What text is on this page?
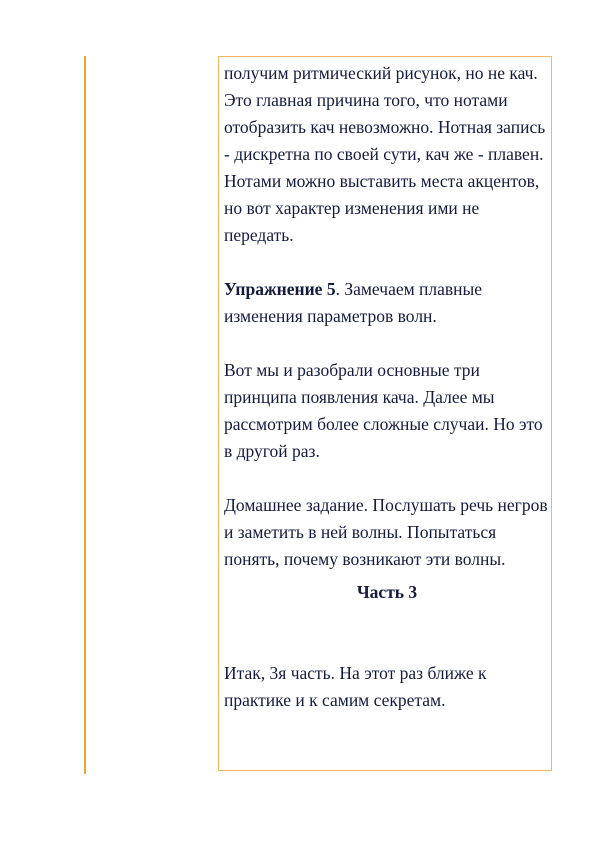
получим ритмический рисунок, но не кач. Это главная причина того, что нотами отобразить кач невозможно. Нотная запись - дискретна по своей сути, кач же - плавен. Нотами можно выставить места акцентов, но вот характер изменения ими не передать.

Упражнение 5. Замечаем плавные изменения параметров волн.

Вот мы и разобрали основные три принципа появления кача. Далее мы рассмотрим более сложные случаи. Но это в другой раз.

Домашнее задание. Послушать речь негров и заметить в ней волны. Попытаться понять, почему возникают эти волны.

Часть 3

Итак, 3я часть. На этот раз ближе к практике и к самим секретам.
